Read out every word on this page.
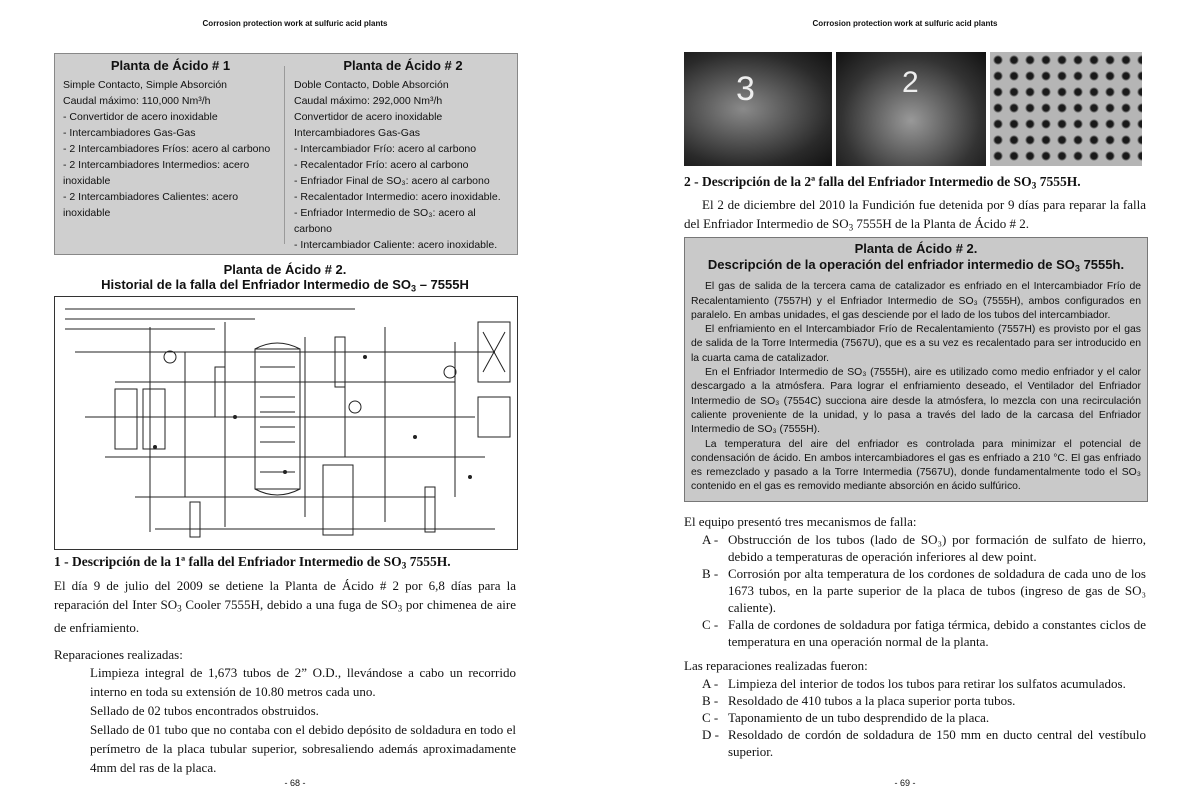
Corrosion protection work at sulfuric acid plants
Planta de Ácido # 1
Simple Contacto, Simple Absorción
Caudal máximo: 110,000 Nm³/h
- Convertidor de acero inoxidable
- Intercambiadores Gas-Gas
- 2 Intercambiadores Fríos: acero al carbono
- 2 Intercambiadores Intermedios: acero
inoxidable
- 2 Intercambiadores Calientes: acero
inoxidable
Planta de Ácido # 2
Doble Contacto, Doble Absorción
Caudal máximo: 292,000 Nm³/h
Convertidor de acero inoxidable
Intercambiadores Gas-Gas
- Intercambiador Frío: acero al carbono
- Recalentador Frío: acero al carbono
- Enfriador Final de SO₃: acero al carbono
- Recalentador Intermedio: acero inoxidable.
- Enfriador Intermedio de SO₃: acero al
carbono
- Intercambiador Caliente: acero inoxidable.
Planta de Ácido # 2.
Historial de la falla del Enfriador Intermedio de $SO_3 - 7555H$
1 - Descripción de la 1ª falla del Enfriador Intermedio de $SO_3$ 7555H.
El día 9 de julio del 2009 se detiene la Planta de Ácido # 2 por 6,8 días para la reparación del Inter $SO_3$ Cooler 7555H, debido a una fuga de $SO_3$ por chimenea de aire de enfriamiento.
Reparaciones realizadas:
Limpieza integral de 1,673 tubos de 2” O.D., llevándose a cabo un recorrido interno en toda su extensión de 10.80 metros cada uno.
Sellado de 02 tubos encontrados obstruidos.
Sellado de 01 tubo que no contaba con el debido depósito de soldadura en todo el perímetro de la placa tubular superior, sobresaliendo además aproximadamente 4mm del ras de la placa.
- 68 -
Corrosion protection work at sulfuric acid plants
3	2
2 - Descripción de la 2ª falla del Enfriador Intermedio de $SO_3$ 7555H.
El 2 de diciembre del 2010 la Fundición fue detenida por 9 días para reparar la falla del Enfriador Intermedio de $SO_3$ 7555H de la Planta de Ácido # 2.
Planta de Ácido # 2.
Descripción de la operación del enfriador intermedio de $SO_3$ 7555h.

El gas de salida de la tercera cama de catalizador es enfriado en el Intercambiador Frío de Recalentamiento (7557H) y el Enfriador Intermedio de SO₃ (7555H), ambos configurados en paralelo. En ambas unidades, el gas desciende por el lado de los tubos del intercambiador.

El enfriamiento en el Intercambiador Frío de Recalentamiento (7557H) es provisto por el gas de salida de la Torre Intermedia (7567U), que es a su vez es recalentado para ser introducido en la cuarta cama de catalizador.

En el Enfriador Intermedio de SO₃ (7555H), aire es utilizado como medio enfriador y el calor descargado a la atmósfera. Para lograr el enfriamiento deseado, el Ventilador del Enfriador Intermedio de SO₃ (7554C) succiona aire desde la atmósfera, lo mezcla con una recirculación caliente proveniente de la unidad, y lo pasa a través del lado de la carcasa del Enfriador Intermedio de SO₃ (7555H).

La temperatura del aire del enfriador es controlada para minimizar el potencial de condensación de ácido. En ambos intercambiadores el gas es enfriado a 210 °C. El gas enfriado es remezclado y pasado a la Torre Intermedia (7567U), donde fundamentalmente todo el SO₃ contenido en el gas es removido mediante absorción en ácido sulfúrico.

El equipo presentó tres mecanismos de falla:
A - Obstrucción de los tubos (lado de SO₃) por formación de sulfato de hierro, debido a temperaturas de operación inferiores al dew point.
B - Corrosión por alta temperatura de los cordones de soldadura de cada uno de los 1673 tubos, en la parte superior de la placa de tubos (ingreso de gas de SO₃ caliente).
C - Falla de cordones de soldadura por fatiga térmica, debido a constantes ciclos de temperatura en una operación normal de la planta.
Las reparaciones realizadas fueron:
A - Limpieza del interior de todos los tubos para retirar los sulfatos acumulados.
B - Resoldado de 410 tubos a la placa superior porta tubos.
C - Taponamiento de un tubo desprendido de la placa.
D - Resoldado de cordón de soldadura de 150 mm en ducto central del vestíbulo superior.
- 69 -
